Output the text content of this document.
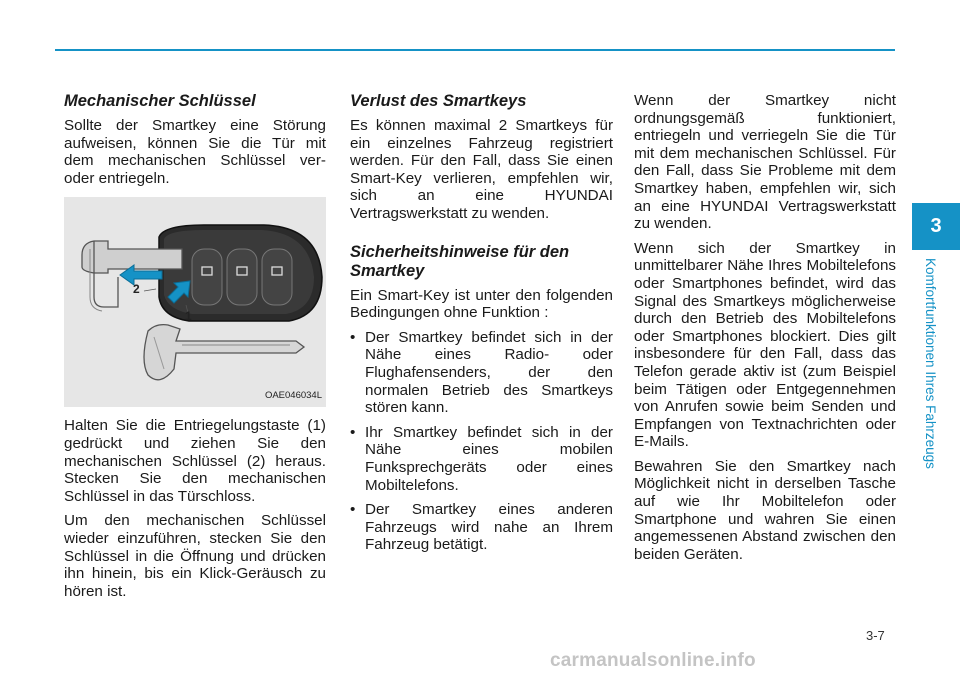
Mechanischer Schlüssel

Sollte der Smartkey eine Störung aufweisen, können Sie die Tür mit dem mechanischen Schlüssel ver- oder entriegeln.

2
1
OAE046034L

Halten Sie die Entriegelungstaste (1) gedrückt und ziehen Sie den mechanischen Schlüssel (2) heraus. Stecken Sie den mechanischen Schlüssel in das Türschloss.

Um den mechanischen Schlüssel wieder einzuführen, stecken Sie den Schlüssel in die Öffnung und drücken ihn hinein, bis ein Klick-Geräusch zu hören ist.

Verlust des Smartkeys

Es können maximal 2 Smartkeys für ein einzelnes Fahrzeug registriert werden. Für den Fall, dass Sie einen Smart-Key verlieren, empfehlen wir, sich an eine HYUNDAI Vertragswerkstatt zu wenden.

Sicherheitshinweise für den Smartkey

Ein Smart-Key ist unter den folgenden Bedingungen ohne Funktion :

• Der Smartkey befindet sich in der Nähe eines Radio- oder Flughafensenders, der den normalen Betrieb des Smartkeys stören kann.
• Ihr Smartkey befindet sich in der Nähe eines mobilen Funksprechgeräts oder eines Mobiltelefons.
• Der Smartkey eines anderen Fahrzeugs wird nahe an Ihrem Fahrzeug betätigt.

Wenn der Smartkey nicht ordnungsgemäß funktioniert, entriegeln und verriegeln Sie die Tür mit dem mechanischen Schlüssel. Für den Fall, dass Sie Probleme mit dem Smartkey haben, empfehlen wir, sich an eine HYUNDAI Vertragswerkstatt zu wenden.

Wenn sich der Smartkey in unmittelbarer Nähe Ihres Mobiltelefons oder Smartphones befindet, wird das Signal des Smartkeys möglicherweise durch den Betrieb des Mobiltelefons oder Smartphones blockiert. Dies gilt insbesondere für den Fall, dass das Telefon gerade aktiv ist (zum Beispiel beim Tätigen oder Entgegennehmen von Anrufen sowie beim Senden und Empfangen von Textnachrichten oder E-Mails.

Bewahren Sie den Smartkey nach Möglichkeit nicht in derselben Tasche auf wie Ihr Mobiltelefon oder Smartphone und wahren Sie einen angemessenen Abstand zwischen den beiden Geräten.

3
Komfortfunktionen Ihres Fahrzeugs
3-7
carmanualsonline.info
